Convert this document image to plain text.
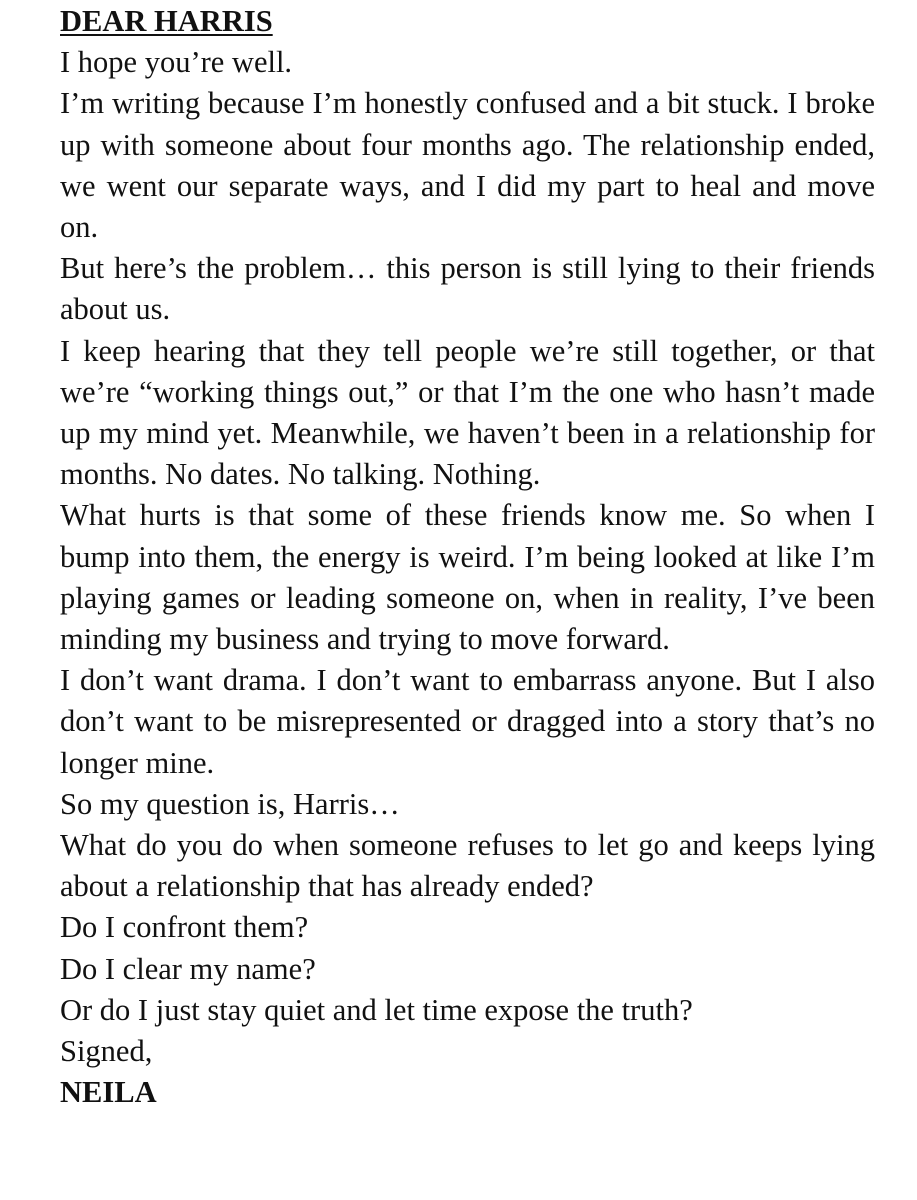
DEAR HARRIS

I hope you’re well.

I’m writing because I’m honestly confused and a bit stuck. I broke up with someone about four months ago. The relationship ended, we went our separate ways, and I did my part to heal and move on.

But here’s the problem… this person is still lying to their friends about us.

I keep hearing that they tell people we’re still together, or that we’re “working things out,” or that I’m the one who hasn’t made up my mind yet. Meanwhile, we haven’t been in a relationship for months. No dates. No talking. Nothing.

What hurts is that some of these friends know me. So when I bump into them, the energy is weird. I’m being looked at like I’m playing games or leading someone on, when in reality, I’ve been minding my business and trying to move forward.

I don’t want drama. I don’t want to embarrass anyone. But I also don’t want to be misrepresented or dragged into a story that’s no longer mine.

So my question is, Harris…

What do you do when someone refuses to let go and keeps lying about a relationship that has already ended?

Do I confront them?

Do I clear my name?

Or do I just stay quiet and let time expose the truth?

Signed,

NEILA
